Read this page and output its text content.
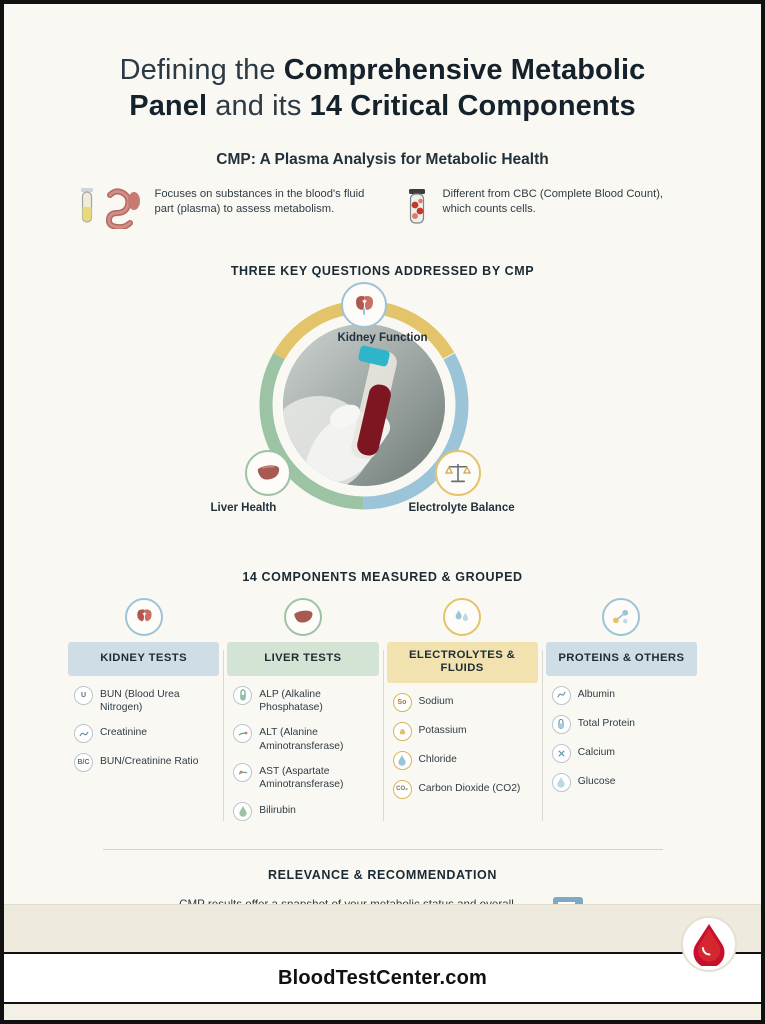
Defining the Comprehensive Metabolic
Panel and its 14 Critical Components
CMP: A Plasma Analysis for Metabolic Health
Focuses on substances in the blood's fluid part (plasma) to assess metabolism.
Different from CBC (Complete Blood Count), which counts cells.
THREE KEY QUESTIONS ADDRESSED BY CMP
Kidney Function
Liver Health	Electrolyte Balance
14 COMPONENTS MEASURED & GROUPED
KIDNEY TESTS
U	BUN (Blood Urea Nitrogen)
Creatinine
B/C	BUN/Creatinine Ratio
LIVER TESTS
ALP (Alkaline Phosphatase)
ALT (Alanine Aminotransferase)
AST (Aspartate Aminotransferase)
Bilirubin
ELECTROLYTES & FLUIDS
So	Sodium
Potassium
Chloride
CO₂	Carbon Dioxide (CO2)
PROTEINS & OTHERS
Albumin
Total Protein
Calcium
Glucose
RELEVANCE & RECOMMENDATION
BloodTestCenter.com
